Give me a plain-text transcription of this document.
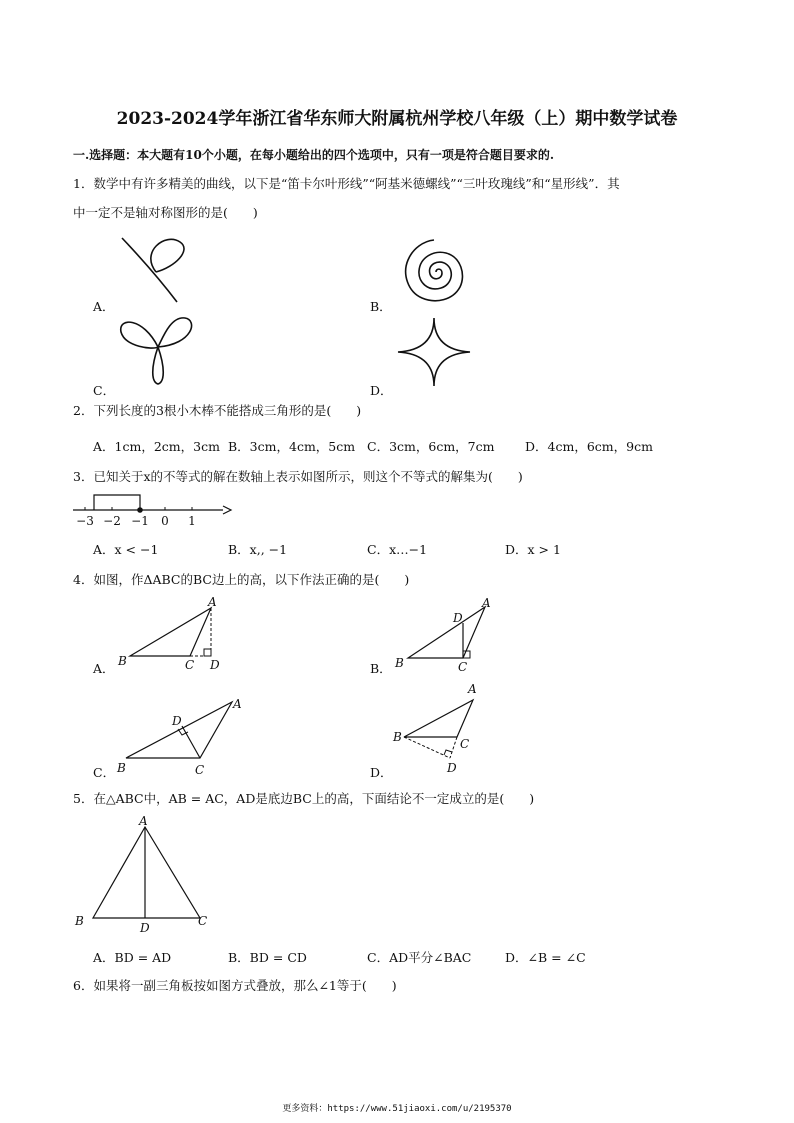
2023-2024学年浙江省华东师大附属杭州学校八年级（上）期中数学试卷
一.选择题：本大题有10个小题，在每小题给出的四个选项中，只有一项是符合题目要求的.
1．数学中有许多精美的曲线，以下是“笛卡尔叶形线”“阿基米德螺线”“三叶玫瑰线”和“星形线”．其
中一定不是轴对称图形的是(　　)
A．	B．
C．	D．
2．下列长度的3根小木棒不能搭成三角形的是(　　)
A．1cm，2cm，3cm B．3cm，4cm，5cm C．3cm，6cm，7cm D．4cm，6cm，9cm
3．已知关于x的不等式的解在数轴上表示如图所示，则这个不等式的解集为(　　)
−3 −2 −1 0 1
A．x < −1	B．x,, −1	C．x…−1	D．x > 1
4．如图，作ΔABC的BC边上的高，以下作法正确的是(　　)
A．
A
B	C D	B．
A
D
B	C
C．
A
D
B	C	D．
A
B	C
D
5．在△ABC中，AB = AC，AD是底边BC上的高，下面结论不一定成立的是(　　)
A
B	D	C
A．BD = AD	B．BD = CD	C．AD平分∠BAC	D．∠B = ∠C
6．如果将一副三角板按如图方式叠放，那么∠1等于(　　)
更多资料：https://www.51jiaoxi.com/u/2195370
